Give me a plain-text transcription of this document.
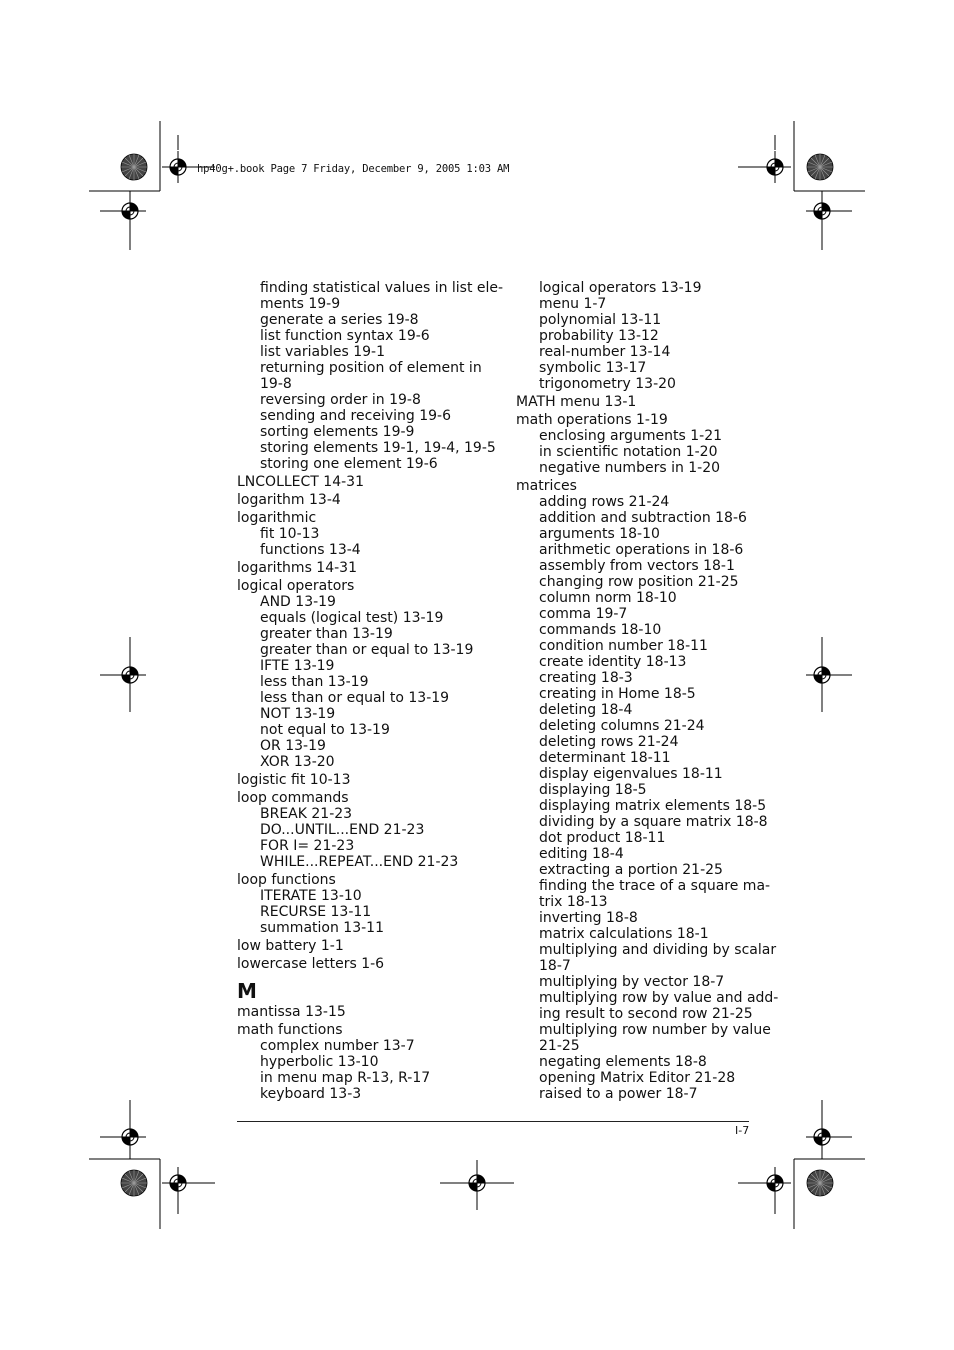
hp40g+.book Page 7 Friday, December 9, 2005 1:03 AM
finding statistical values in list ele-
ments 19-9
generate a series 19-8
list function syntax 19-6
list variables 19-1
returning position of element in
19-8
reversing order in 19-8
sending and receiving 19-6
sorting elements 19-9
storing elements 19-1, 19-4, 19-5
storing one element 19-6
LNCOLLECT 14-31
logarithm 13-4
logarithmic
fit 10-13
functions 13-4
logarithms 14-31
logical operators
AND 13-19
equals (logical test) 13-19
greater than 13-19
greater than or equal to 13-19
IFTE 13-19
less than 13-19
less than or equal to 13-19
NOT 13-19
not equal to 13-19
OR 13-19
XOR 13-20
logistic fit 10-13
loop commands
BREAK 21-23
DO...UNTIL...END 21-23
FOR I= 21-23
WHILE...REPEAT...END 21-23
loop functions
ITERATE 13-10
RECURSE 13-11
summation 13-11
low battery 1-1
lowercase letters 1-6
M
mantissa 13-15
math functions
complex number 13-7
hyperbolic 13-10
in menu map R-13, R-17
keyboard 13-3
logical operators 13-19
menu 1-7
polynomial 13-11
probability 13-12
real-number 13-14
symbolic 13-17
trigonometry 13-20
MATH menu 13-1
math operations 1-19
enclosing arguments 1-21
in scientific notation 1-20
negative numbers in 1-20
matrices
adding rows 21-24
addition and subtraction 18-6
arguments 18-10
arithmetic operations in 18-6
assembly from vectors 18-1
changing row position 21-25
column norm 18-10
comma 19-7
commands 18-10
condition number 18-11
create identity 18-13
creating 18-3
creating in Home 18-5
deleting 18-4
deleting columns 21-24
deleting rows 21-24
determinant 18-11
display eigenvalues 18-11
displaying 18-5
displaying matrix elements 18-5
dividing by a square matrix 18-8
dot product 18-11
editing 18-4
extracting a portion 21-25
finding the trace of a square ma-
trix 18-13
inverting 18-8
matrix calculations 18-1
multiplying and dividing by scalar
18-7
multiplying by vector 18-7
multiplying row by value and add-
ing result to second row 21-25
multiplying row number by value
21-25
negating elements 18-8
opening Matrix Editor 21-28
raised to a power 18-7
I-7
